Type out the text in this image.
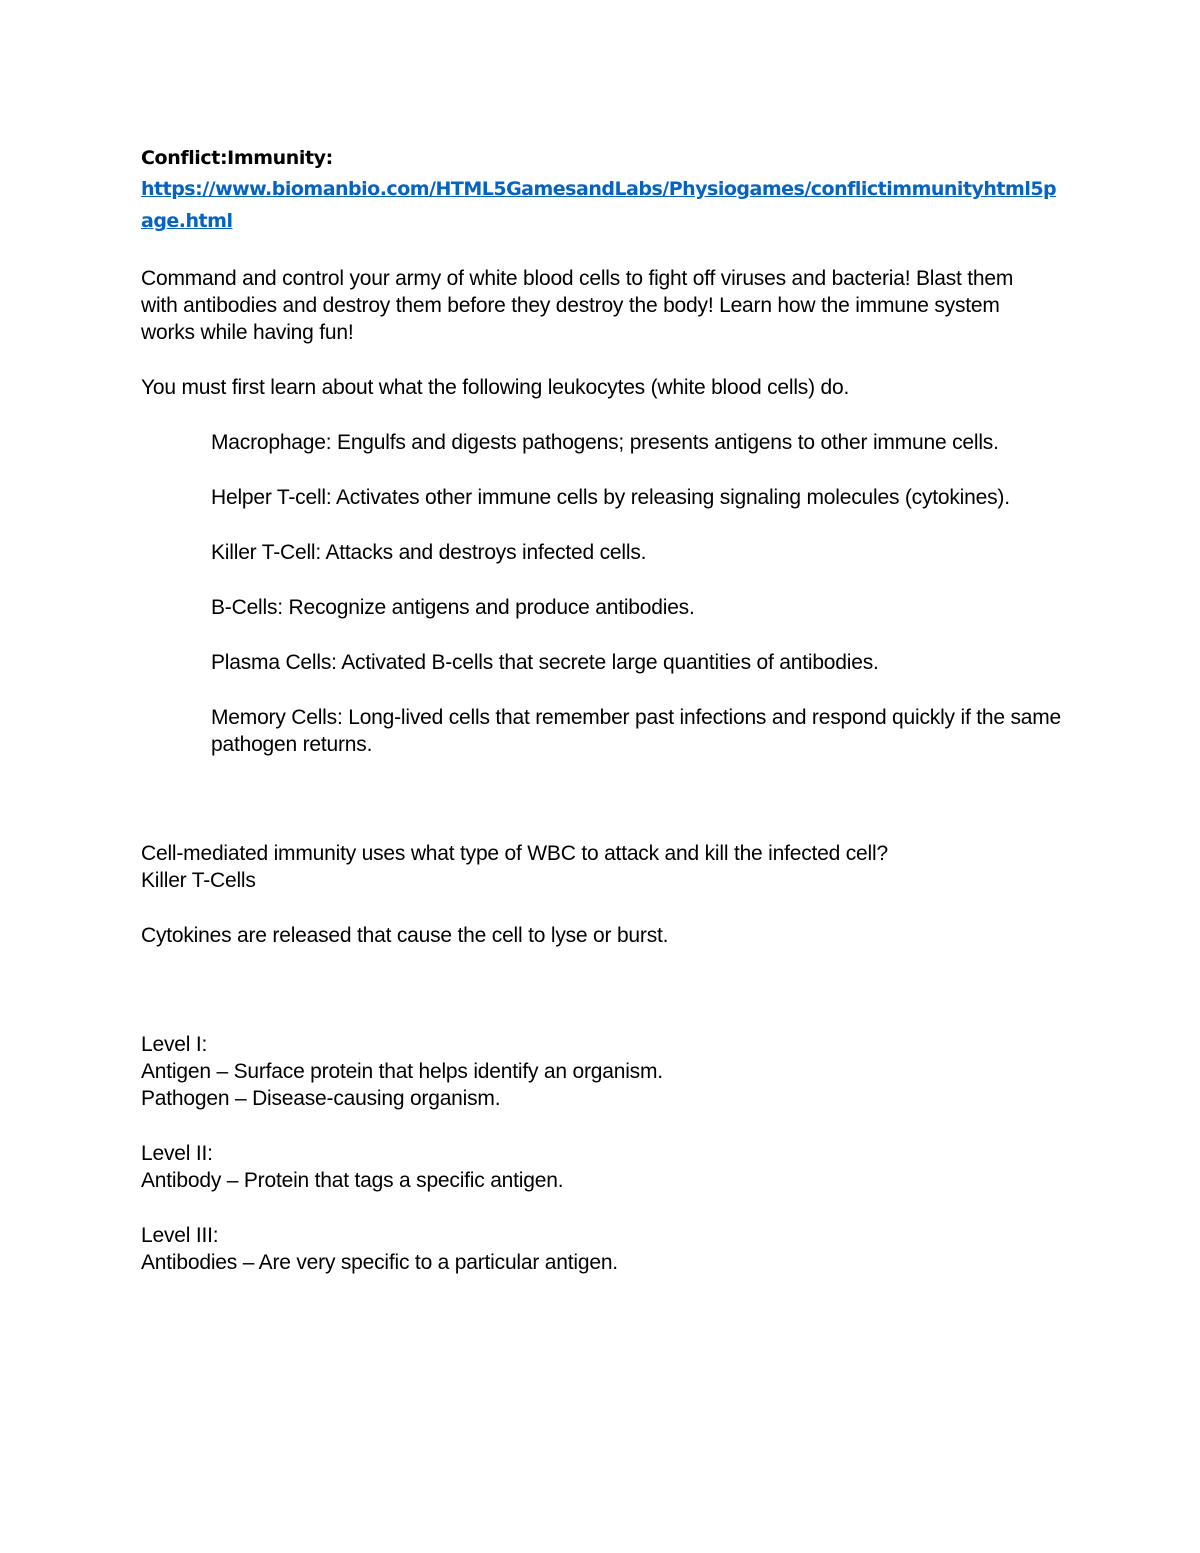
Conflict:Immunity:
https://www.biomanbio.com/HTML5GamesandLabs/Physiogames/conflictimmunityhtml5page.html

Command and control your army of white blood cells to fight off viruses and bacteria! Blast them with antibodies and destroy them before they destroy the body! Learn how the immune system works while having fun!

You must first learn about what the following leukocytes (white blood cells) do.

Macrophage: Engulfs and digests pathogens; presents antigens to other immune cells.

Helper T-cell: Activates other immune cells by releasing signaling molecules (cytokines).

Killer T-Cell: Attacks and destroys infected cells.

B-Cells: Recognize antigens and produce antibodies.

Plasma Cells: Activated B-cells that secrete large quantities of antibodies.

Memory Cells: Long-lived cells that remember past infections and respond quickly if the same pathogen returns.

Cell-mediated immunity uses what type of WBC to attack and kill the infected cell?

Killer T-Cells

Cytokines are released that cause the cell to lyse or burst.

Level I:

Antigen – Surface protein that helps identify an organism.

Pathogen – Disease-causing organism.

Level II:

Antibody – Protein that tags a specific antigen.

Level III:

Antibodies – Are very specific to a particular antigen.
